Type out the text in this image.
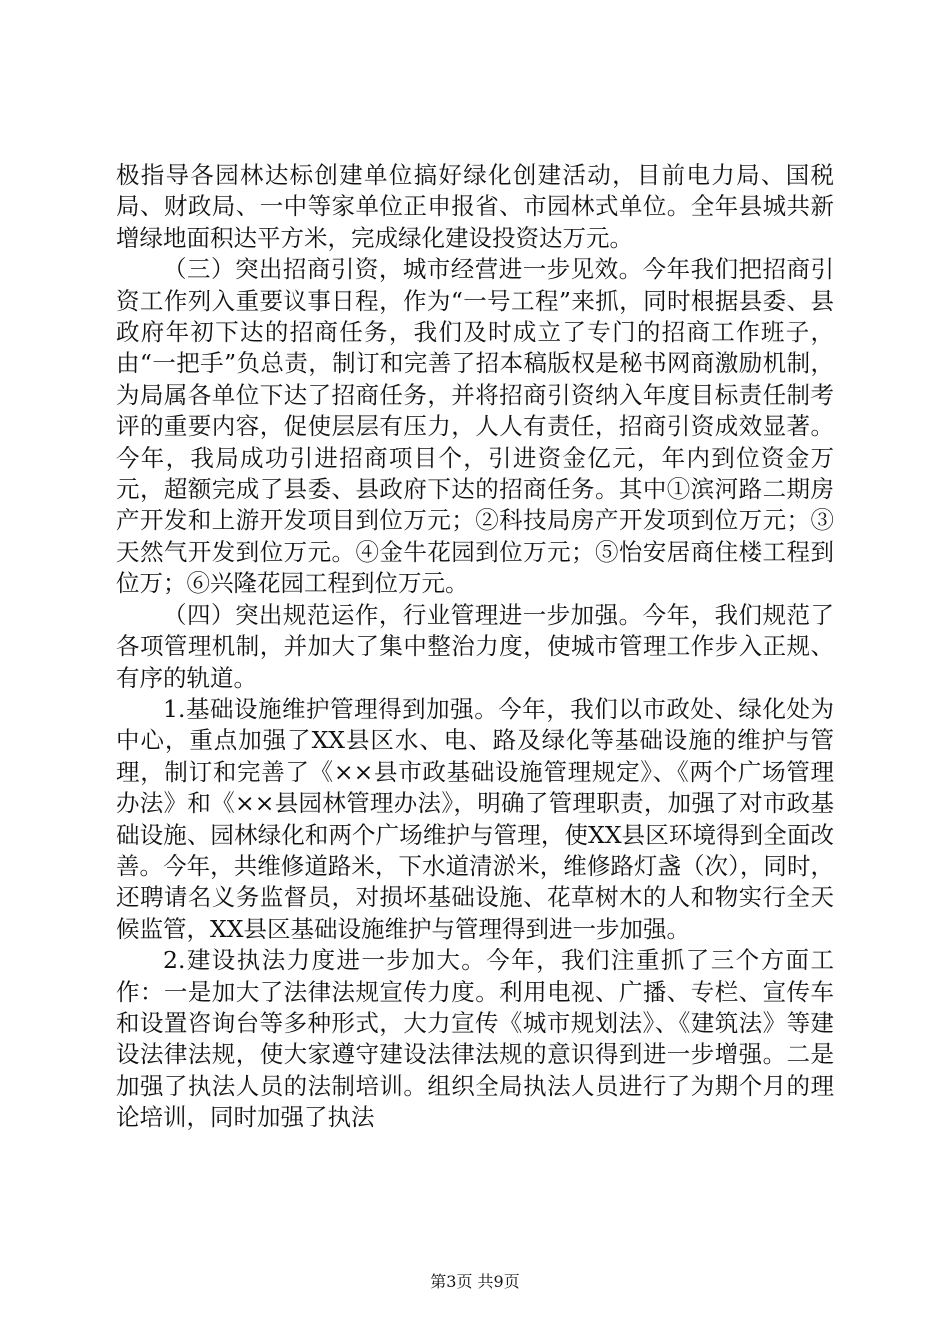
极指导各园林达标创建单位搞好绿化创建活动，目前电力局、国税局、财政局、一中等家单位正申报省、市园林式单位。全年县城共新增绿地面积达平方米，完成绿化建设投资达万元。

（三）突出招商引资，城市经营进一步见效。今年我们把招商引资工作列入重要议事日程，作为“一号工程”来抓，同时根据县委、县政府年初下达的招商任务，我们及时成立了专门的招商工作班子，由“一把手”负总责，制订和完善了招本稿版权是秘书网商激励机制，为局属各单位下达了招商任务，并将招商引资纳入年度目标责任制考评的重要内容，促使层层有压力，人人有责任，招商引资成效显著。今年，我局成功引进招商项目个，引进资金亿元，年内到位资金万元，超额完成了县委、县政府下达的招商任务。其中①滨河路二期房产开发和上游开发项目到位万元；②科技局房产开发项到位万元；③天然气开发到位万元。④金牛花园到位万元；⑤怡安居商住楼工程到位万；⑥兴隆花园工程到位万元。

（四）突出规范运作，行业管理进一步加强。今年，我们规范了各项管理机制，并加大了集中整治力度，使城市管理工作步入正规、有序的轨道。

1.基础设施维护管理得到加强。今年，我们以市政处、绿化处为中心，重点加强了XX县区水、电、路及绿化等基础设施的维护与管理，制订和完善了《××县市政基础设施管理规定》、《两个广场管理办法》和《××县园林管理办法》，明确了管理职责，加强了对市政基础设施、园林绿化和两个广场维护与管理，使XX县区环境得到全面改善。今年，共维修道路米，下水道清淤米，维修路灯盏（次），同时，还聘请名义务监督员，对损坏基础设施、花草树木的人和物实行全天候监管，XX县区基础设施维护与管理得到进一步加强。

2.建设执法力度进一步加大。今年，我们注重抓了三个方面工作：一是加大了法律法规宣传力度。利用电视、广播、专栏、宣传车和设置咨询台等多种形式，大力宣传《城市规划法》、《建筑法》等建设法律法规，使大家遵守建设法律法规的意识得到进一步增强。二是加强了执法人员的法制培训。组织全局执法人员进行了为期个月的理论培训，同时加强了执法

第3页 共9页
